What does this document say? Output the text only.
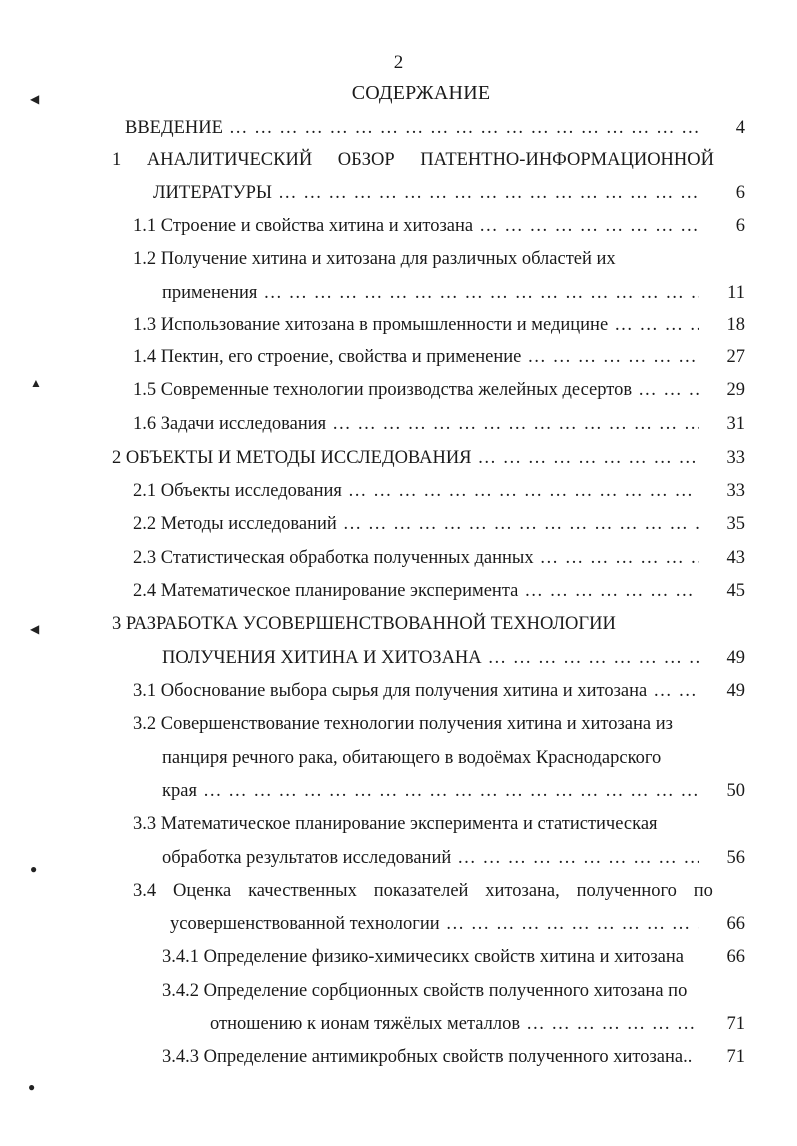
2
СОДЕРЖАНИЕ
ВВЕДЕНИЕ … … … … … … … … … … … … … … … … … … … … … … … … … … … … … … … … … … … …	4
1 АНАЛИТИЧЕСКИЙ ОБЗОР ПАТЕНТНО-ИНФОРМАЦИОННОЙ
ЛИТЕРАТУРЫ … … … … … … … … … … … … … … … … … … … … … … … … … … … … … … … … … … … …	6
1.1 Строение и свойства хитина и хитозана … … … … … … … … … … … … … … … … … … … … … … … … … … … … … … … … … … … …	6
1.2 Получение хитина и хитозана для различных областей их
применения … … … … … … … … … … … … … … … … … … … … … … … … … … … … … … … … … … … …	11
1.3 Использование хитозана в промышленности и медицине … … … … … … … … … … … … … … … … … … … … … … … … … … … … … … … … … … … …	18
1.4 Пектин, его строение, свойства и применение … … … … … … … … … … … … … … … … … … … … … … … … … … … … … … … … … … … …	27
1.5 Современные технологии производства желейных десертов … … … … … … … … … … … … … … … … … … … … … … … … … … … … … … … … … … … …	29
1.6 Задачи исследования … … … … … … … … … … … … … … … … … … … … … … … … … … … … … … … … … … … …	31
2 ОБЪЕКТЫ И МЕТОДЫ ИССЛЕДОВАНИЯ … … … … … … … … … … … … … … … … … … … … … … … … … … … … … … … … … … … …	33
2.1 Объекты исследования … … … … … … … … … … … … … … … … … … … … … … … … … … … … … … … … … … … …	33
2.2 Методы исследований … … … … … … … … … … … … … … … … … … … … … … … … … … … … … … … … … … … …	35
2.3 Статистическая обработка полученных данных … … … … … … … … … … … … … … … … … … … … … … … … … … … … … … … … … … … …	43
2.4 Математическое планирование эксперимента … … … … … … … … … … … … … … … … … … … … … … … … … … … … … … … … … … … …	45
3 РАЗРАБОТКА УСОВЕРШЕНСТВОВАННОЙ ТЕХНОЛОГИИ
ПОЛУЧЕНИЯ ХИТИНА И ХИТОЗАНА … … … … … … … … … … … … … … … … … … … … … … … … … … … … … … … … … … … …	49
3.1 Обоснование выбора сырья для получения хитина и хитозана … … … … … … … … … … … … … … … … … … … … … … … … … … … … … … … … … … … …	49
3.2 Совершенствование технологии получения хитина и хитозана из
панциря речного рака, обитающего в водоёмах Краснодарского
края … … … … … … … … … … … … … … … … … … … … … … … … … … … … … … … … … … … …	50
3.3 Математическое планирование эксперимента и статистическая
обработка результатов исследований … … … … … … … … … … … … … … … … … … … … … … … … … … … … … … … … … … … …	56
3.4 Оценка качественных показателей хитозана, полученного по
усовершенствованной технологии … … … … … … … … … … … … … … … … … … … … … … … … … … … … … … … … … … … …	66
3.4.1 Определение физико-химичесикх свойств хитина и хитозана	66
3.4.2 Определение сорбционных свойств полученного хитозана по
отношению к ионам тяжёлых металлов … … … … … … … … … … … … … … … … … … … … … … … … … … … … … … … … … … … …	71
3.4.3 Определение антимикробных свойств полученного хитозана..	71
◀
▲
◀
●
●
